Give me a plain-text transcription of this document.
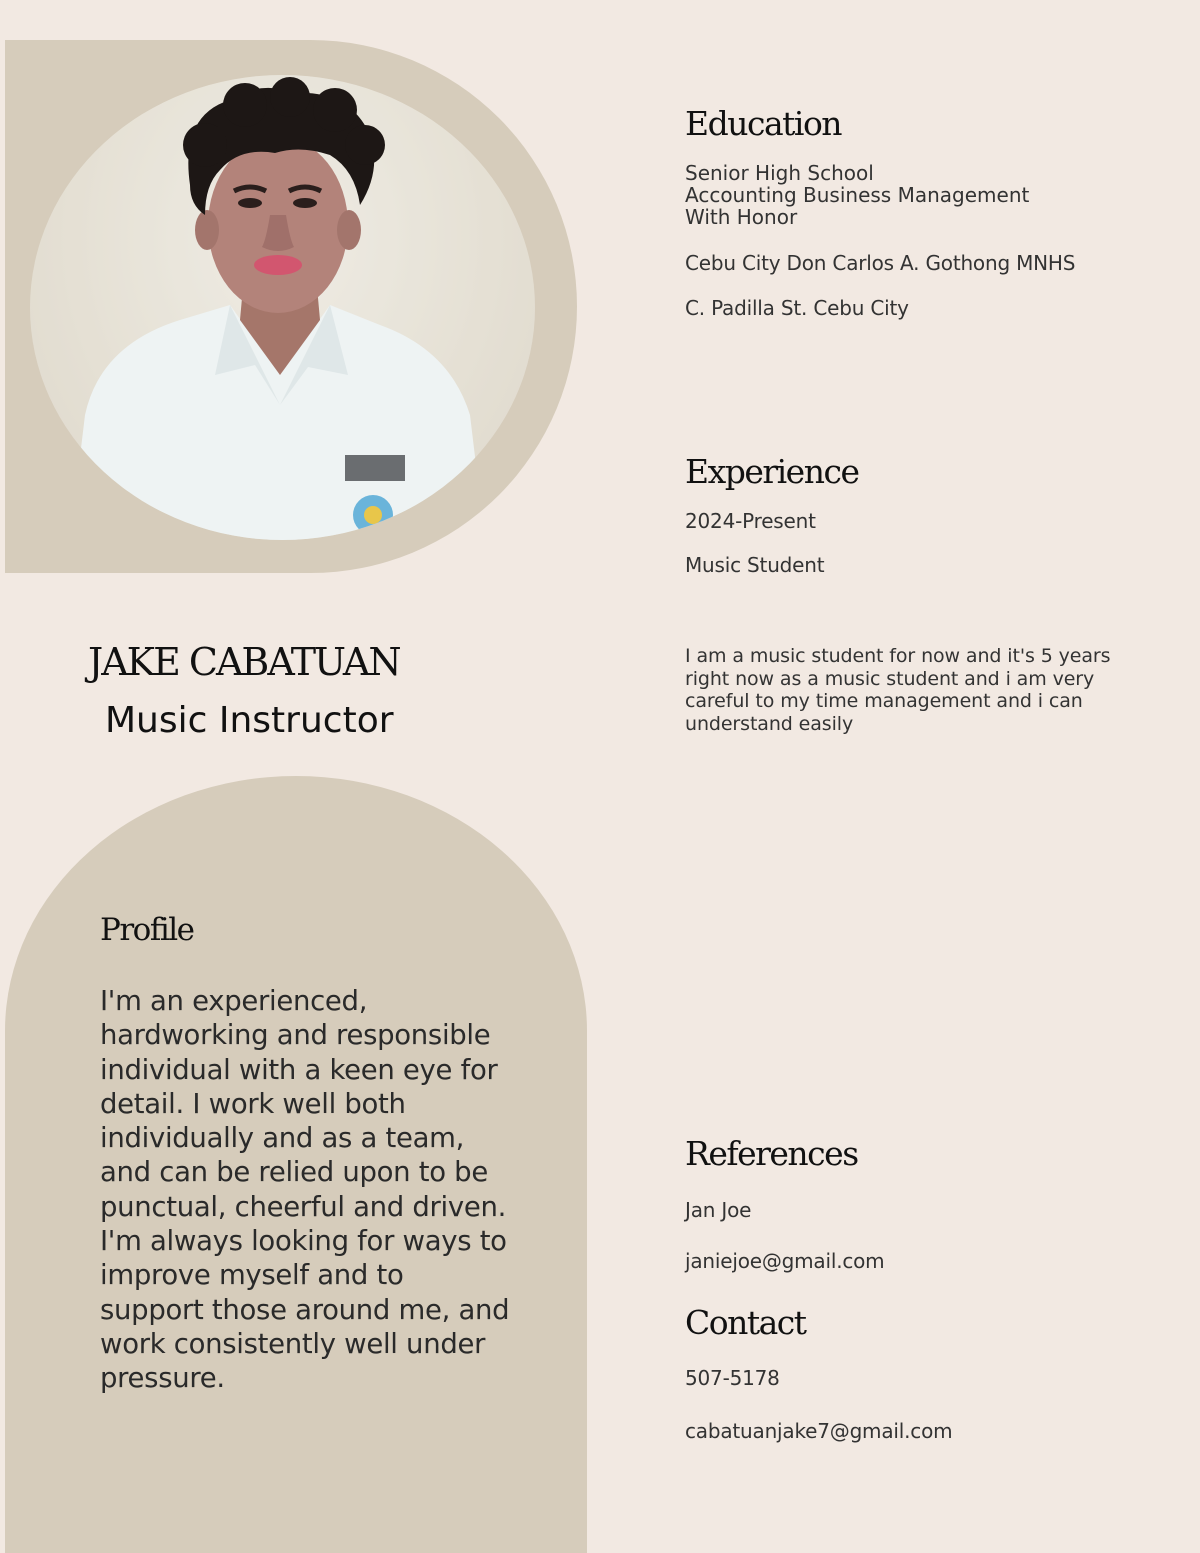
JAKE CABATUAN
Music Instructor
Profile

I'm an experienced, hardworking and responsible individual with a keen eye for detail. I work well both individually and as a team, and can be relied upon to be punctual, cheerful and driven. I'm always looking for ways to improve myself and to support those around me, and work consistently well under pressure.

Education
Senior High School
Accounting Business Management
With Honor

Cebu City Don Carlos A. Gothong MNHS

C. Padilla St. Cebu City

Experience

2024-Present

Music Student

I am a music student for now and it's 5 years right now as a music student and i am very careful to my time management and i can understand easily

References

Jan Joe

janiejoe@gmail.com

Contact

507-5178

cabatuanjake7@gmail.com
